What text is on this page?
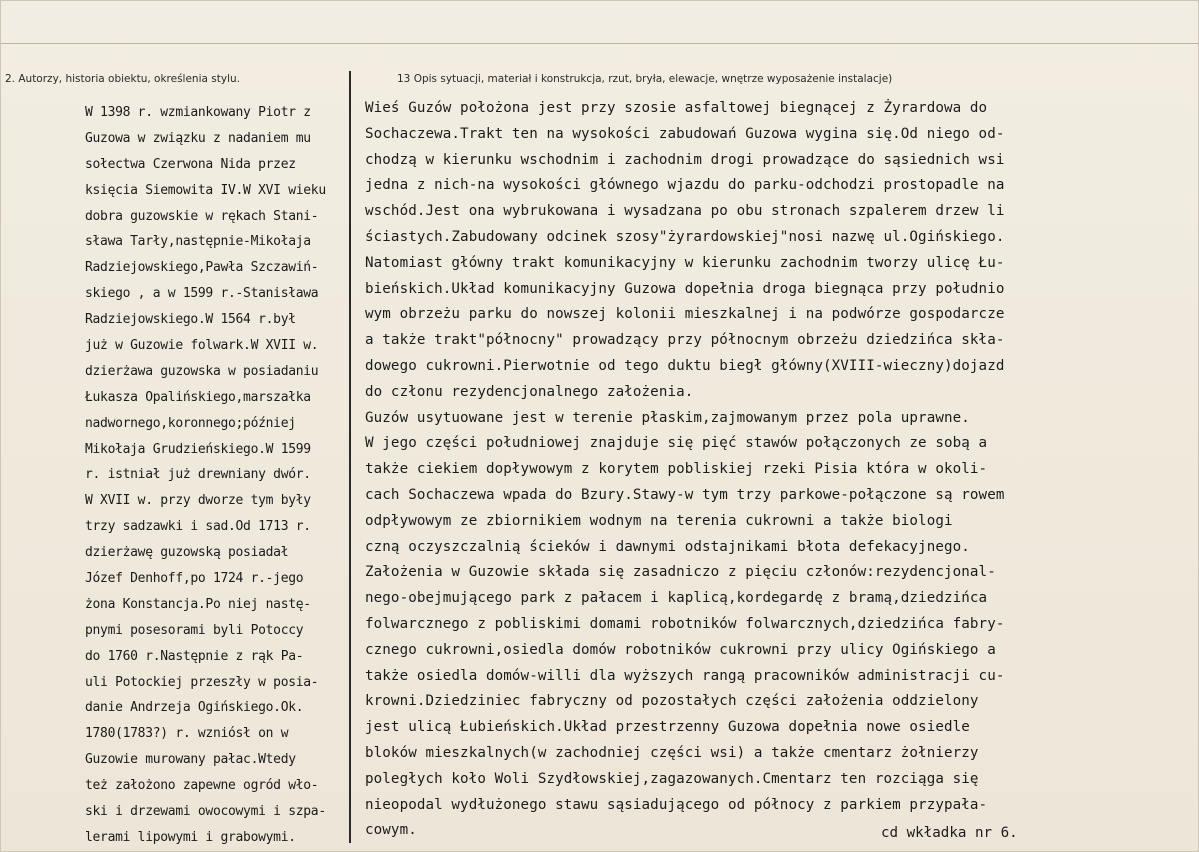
2. Autorzy, historia obiektu, określenia stylu.	13 Opis sytuacji, materiał i konstrukcja, rzut, bryła, elewacje, wnętrze wyposażenie instalacje)
W 1398 r. wzmiankowany Piotr z
Guzowa w związku z nadaniem mu
sołectwa Czerwona Nida przez
księcia Siemowita IV.W XVI wieku
dobra guzowskie w rękach Stani-
sława Tarły,następnie-Mikołaja
Radziejowskiego,Pawła Szczawiń-
skiego , a w 1599 r.-Stanisława
Radziejowskiego.W 1564 r.był
już w Guzowie folwark.W XVII w.
dzierżawa guzowska w posiadaniu
Łukasza Opalińskiego,marszałka
nadwornego,koronnego;później
Mikołaja Grudzieńskiego.W 1599
r. istniał już drewniany dwór.
W XVII w. przy dworze tym były
trzy sadzawki i sad.Od 1713 r.
dzierżawę guzowską posiadał
Józef Denhoff,po 1724 r.-jego
żona Konstancja.Po niej nastę-
pnymi posesorami byli Potoccy
do 1760 r.Następnie z rąk Pa-
uli Potockiej przeszły w posia-
danie Andrzeja Ogińskiego.Ok.
1780(1783?) r. wzniósł on w
Guzowie murowany pałac.Wtedy
też założono zapewne ogród wło-
ski i drzewami owocowymi i szpa-
lerami lipowymi i grabowymi.
Wieś Guzów położona jest przy szosie asfaltowej biegnącej z Żyrardowa do
Sochaczewa.Trakt ten na wysokości zabudowań Guzowa wygina się.Od niego od-
chodzą w kierunku wschodnim i zachodnim drogi prowadzące do sąsiednich wsi
jedna z nich-na wysokości głównego wjazdu do parku-odchodzi prostopadle na
wschód.Jest ona wybrukowana i wysadzana po obu stronach szpalerem drzew li
ściastych.Zabudowany odcinek szosy"żyrardowskiej"nosi nazwę ul.Ogińskiego.
Natomiast główny trakt komunikacyjny w kierunku zachodnim tworzy ulicę Łu-
bieńskich.Układ komunikacyjny Guzowa dopełnia droga biegnąca przy południo
wym obrzeżu parku do nowszej kolonii mieszkalnej i na podwórze gospodarcze
a także trakt"północny" prowadzący przy północnym obrzeżu dziedzińca skła-
dowego cukrowni.Pierwotnie od tego duktu biegł główny(XVIII-wieczny)dojazd
do członu rezydencjonalnego założenia.
Guzów usytuowane jest w terenie płaskim,zajmowanym przez pola uprawne.
W jego części południowej znajduje się pięć stawów połączonych ze sobą a
także ciekiem dopływowym z korytem pobliskiej rzeki Pisia która w okoli-
cach Sochaczewa wpada do Bzury.Stawy-w tym trzy parkowe-połączone są rowem
odpływowym ze zbiornikiem wodnym na terenia cukrowni a także biologi
czną oczyszczalnią ścieków i dawnymi odstajnikami błota defekacyjnego.
Założenia w Guzowie składa się zasadniczo z pięciu członów:rezydencjonal-
nego-obejmującego park z pałacem i kaplicą,kordegardę z bramą,dziedzińca
folwarcznego z pobliskimi domami robotników folwarcznych,dziedzińca fabry-
cznego cukrowni,osiedla domów robotników cukrowni przy ulicy Ogińskiego a
także osiedla domów-willi dla wyższych rangą pracowników administracji cu-
krowni.Dziedziniec fabryczny od pozostałych części założenia oddzielony
jest ulicą Łubieńskich.Układ przestrzenny Guzowa dopełnia nowe osiedle
bloków mieszkalnych(w zachodniej części wsi) a także cmentarz żołnierzy
poległych koło Woli Szydłowskiej,zagazowanych.Cmentarz ten rozciąga się
nieopodal wydłużonego stawu sąsiadującego od północy z parkiem przypała-
cowym.	cd wkładka nr 6.
